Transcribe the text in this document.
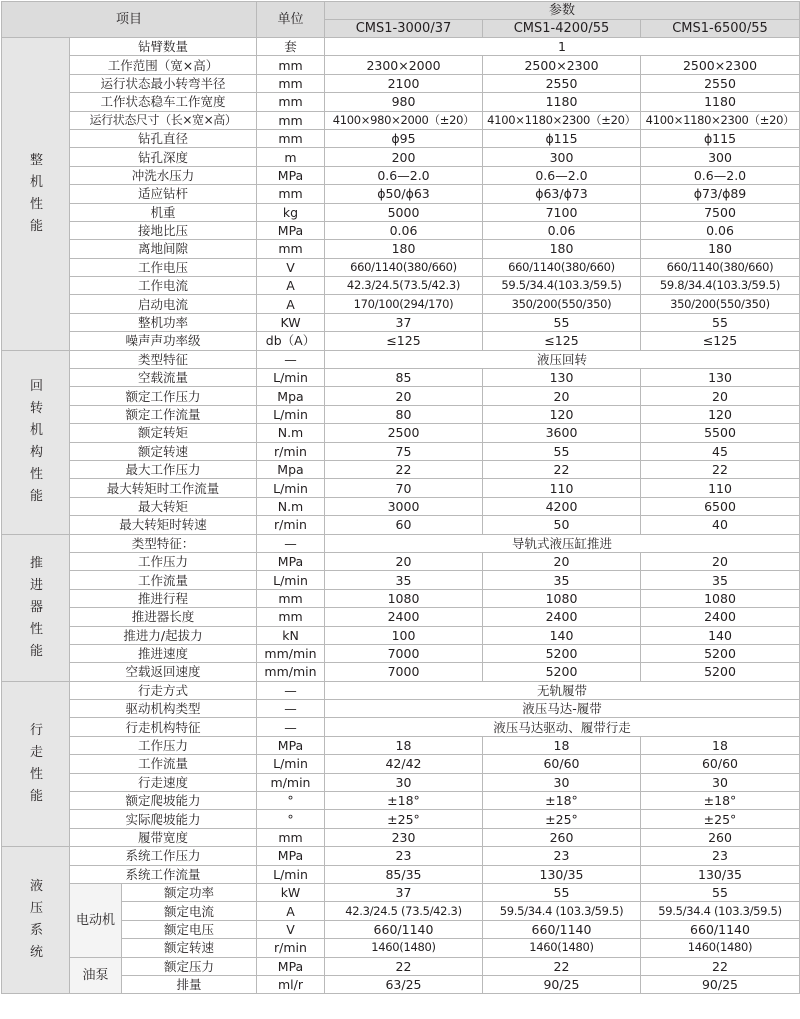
项目			单位	参数		
				CMS1-3000/37	CMS1-4200/55	CMS1-6500/55
整机性能	钻臂数量		套	1		
	工作范围（宽×高）		mm	2300×2000	2500×2300	2500×2300
	运行状态最小转弯半径		mm	2100	2550	2550
	工作状态稳车工作宽度		mm	980	1180	1180
	运行状态尺寸（长×宽×高）		mm	4100×980×2000（±20）	4100×1180×2300（±20）	4100×1180×2300（±20）
	钻孔直径		mm	ϕ95	ϕ115	ϕ115
	钻孔深度		m	200	300	300
	冲洗水压力		MPa	0.6—2.0	0.6—2.0	0.6—2.0
	适应钻杆		mm	ϕ50/ϕ63	ϕ63/ϕ73	ϕ73/ϕ89
	机重		kg	5000	7100	7500
	接地比压		MPa	0.06	0.06	0.06
	离地间隙		mm	180	180	180
	工作电压		V	660/1140(380/660)	660/1140(380/660)	660/1140(380/660)
	工作电流		A	42.3/24.5(73.5/42.3)	59.5/34.4(103.3/59.5)	59.8/34.4(103.3/59.5)
	启动电流		A	170/100(294/170)	350/200(550/350)	350/200(550/350)
	整机功率		KW	37	55	55
	噪声声功率级		db（A）	≤125	≤125	≤125
回转机构性能	类型特征		—	液压回转		
	空载流量		L/min	85	130	130
	额定工作压力		Mpa	20	20	20
	额定工作流量		L/min	80	120	120
	额定转矩		N.m	2500	3600	5500
	额定转速		r/min	75	55	45
	最大工作压力		Mpa	22	22	22
	最大转矩时工作流量		L/min	70	110	110
	最大转矩		N.m	3000	4200	6500
	最大转矩时转速		r/min	60	50	40
推进器性能	类型特征：		—	导轨式液压缸推进		
	工作压力		MPa	20	20	20
	工作流量		L/min	35	35	35
	推进行程		mm	1080	1080	1080
	推进器长度		mm	2400	2400	2400
	推进力/起拔力		kN	100	140	140
	推进速度		mm/min	7000	5200	5200
	空载返回速度		mm/min	7000	5200	5200
行走性能	行走方式		—	无轨履带		
	驱动机构类型		—	液压马达-履带		
	行走机构特征		—	液压马达驱动、履带行走		
	工作压力		MPa	18	18	18
	工作流量		L/min	42/42	60/60	60/60
	行走速度		m/min	30	30	30
	额定爬坡能力		°	±18°	±18°	±18°
	实际爬坡能力		°	±25°	±25°	±25°
	履带宽度		mm	230	260	260
液压系统	系统工作压力		MPa	23	23	23
	系统工作流量		L/min	85/35	130/35	130/35
	电动机	额定功率	kW	37	55	55
		额定电流	A	42.3/24.5 (73.5/42.3)	59.5/34.4 (103.3/59.5)	59.5/34.4 (103.3/59.5)
		额定电压	V	660/1140	660/1140	660/1140
		额定转速	r/min	1460(1480)	1460(1480)	1460(1480)
	油泵	额定压力	MPa	22	22	22
		排量	ml/r	63/25	90/25	90/25
